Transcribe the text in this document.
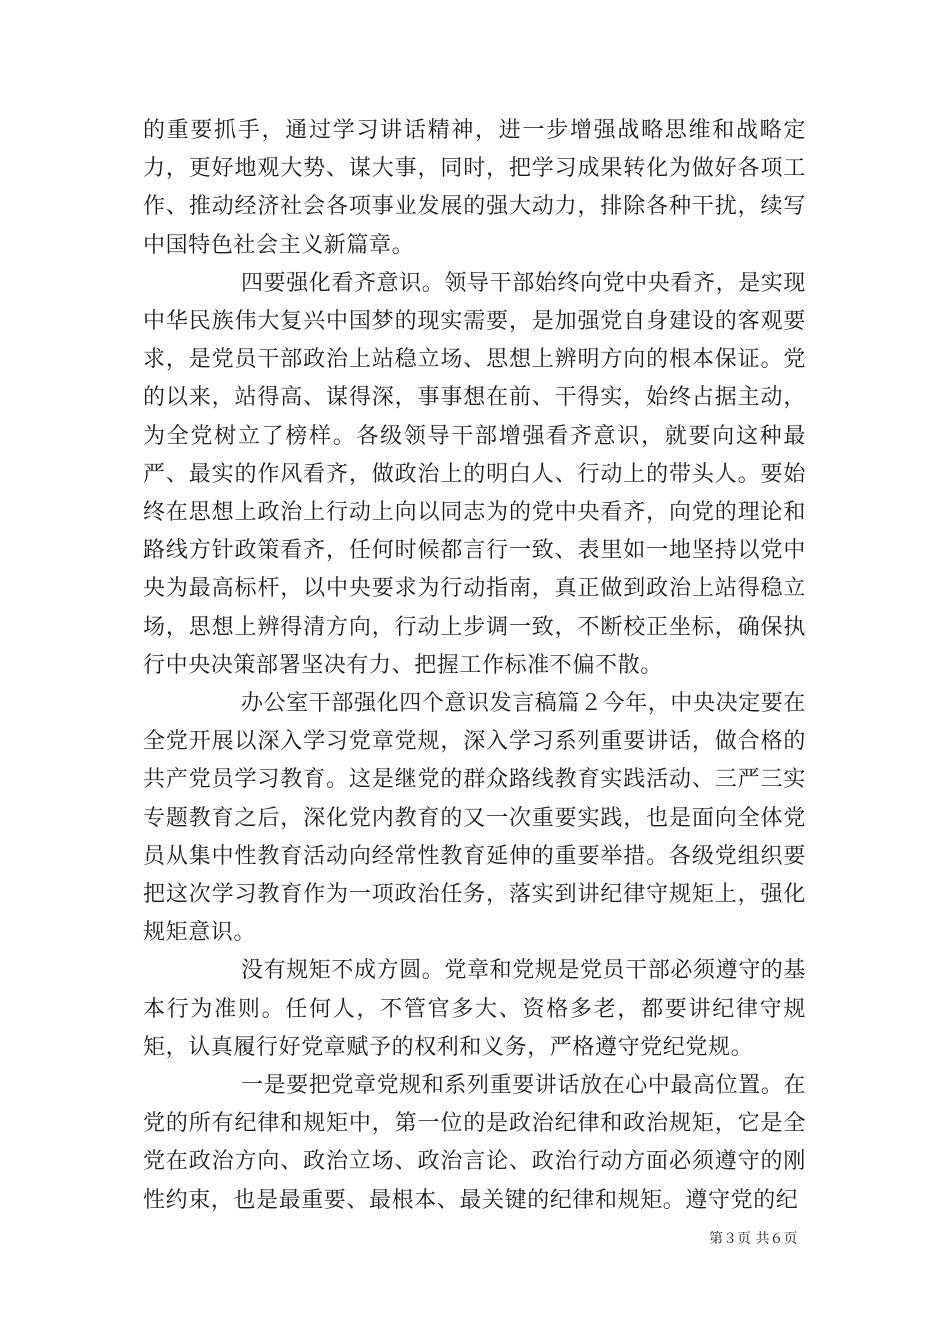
的重要抓手，通过学习讲话精神，进一步增强战略思维和战略定力，更好地观大势、谋大事，同时，把学习成果转化为做好各项工作、推动经济社会各项事业发展的强大动力，排除各种干扰，续写中国特色社会主义新篇章。

四要强化看齐意识。领导干部始终向党中央看齐，是实现中华民族伟大复兴中国梦的现实需要，是加强党自身建设的客观要求，是党员干部政治上站稳立场、思想上辨明方向的根本保证。党的以来，站得高、谋得深，事事想在前、干得实，始终占据主动，为全党树立了榜样。各级领导干部增强看齐意识，就要向这种最严、最实的作风看齐，做政治上的明白人、行动上的带头人。要始终在思想上政治上行动上向以同志为的党中央看齐，向党的理论和路线方针政策看齐，任何时候都言行一致、表里如一地坚持以党中央为最高标杆，以中央要求为行动指南，真正做到政治上站得稳立场，思想上辨得清方向，行动上步调一致，不断校正坐标，确保执行中央决策部署坚决有力、把握工作标准不偏不散。

办公室干部强化四个意识发言稿篇２今年，中央决定要在全党开展以深入学习党章党规，深入学习系列重要讲话，做合格的共产党员学习教育。这是继党的群众路线教育实践活动、三严三实专题教育之后，深化党内教育的又一次重要实践，也是面向全体党员从集中性教育活动向经常性教育延伸的重要举措。各级党组织要把这次学习教育作为一项政治任务，落实到讲纪律守规矩上，强化规矩意识。

没有规矩不成方圆。党章和党规是党员干部必须遵守的基本行为准则。任何人，不管官多大、资格多老，都要讲纪律守规矩，认真履行好党章赋予的权利和义务，严格遵守党纪党规。

一是要把党章党规和系列重要讲话放在心中最高位置。在党的所有纪律和规矩中，第一位的是政治纪律和政治规矩，它是全党在政治方向、政治立场、政治言论、政治行动方面必须遵守的刚性约束，也是最重要、最根本、最关键的纪律和规矩。遵守党的纪

第３页 共６页
